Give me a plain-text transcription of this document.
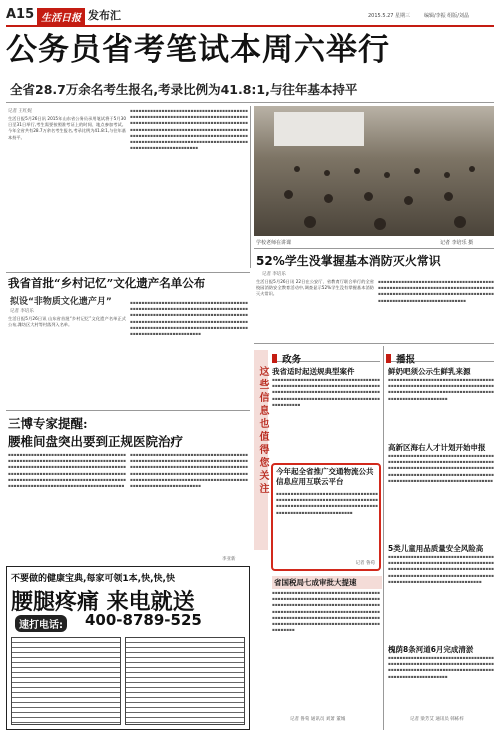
A15 生活日报 发布汇	2015.5.27 星期三	编辑/李振 组版/刘晶
公务员省考笔试本周六举行
全省28.7万余名考生报名,考录比例为41.8:1,与往年基本持平
记者 王红妮
生活日报5月26日讯 2015年山东省公务员录用笔试将于5月30日至31日举行,考生需要按照准考证上的时间、地点参加考试。今年全省共有28.7万余名考生报名,考录比例为41.8:1,与往年基本持平。
▪▪▪▪▪▪▪▪▪▪▪▪▪▪▪▪▪▪▪▪▪▪▪▪▪▪▪▪▪▪▪▪▪▪▪▪▪▪▪▪▪▪▪▪▪▪▪▪▪▪▪▪▪▪▪▪▪▪▪▪▪▪▪▪▪▪▪▪▪▪▪▪▪▪▪▪▪▪▪▪▪▪▪▪▪▪▪▪▪▪▪▪▪▪▪▪▪▪▪▪▪▪▪▪▪▪▪▪▪▪▪▪▪▪▪▪▪▪▪▪▪▪▪▪▪▪▪▪▪▪▪▪▪▪▪▪▪▪▪▪▪▪▪▪▪▪▪▪▪▪▪▪▪▪▪▪▪▪▪▪▪▪▪▪▪▪▪▪▪▪▪▪▪▪▪▪▪▪▪▪▪▪▪▪▪▪▪▪▪▪▪▪▪▪▪▪▪▪▪▪▪▪▪▪▪▪▪▪▪▪▪▪▪▪▪▪▪▪▪▪▪▪▪▪▪▪▪▪▪▪▪▪▪▪▪▪▪▪▪▪▪▪▪▪▪▪▪▪▪▪▪▪▪▪▪▪▪▪▪▪▪▪▪▪▪▪▪▪▪▪
学校老师在讲课	记者 李培乐 摄
52%学生没掌握基本消防灭火常识
记者 李培乐
生活日报5月26日讯 22日在公安厅、省教育厅联合举行的全省校园消防安全教育活动中,调查显示52%学生没有掌握基本消防灭火常识。
▪▪▪▪▪▪▪▪▪▪▪▪▪▪▪▪▪▪▪▪▪▪▪▪▪▪▪▪▪▪▪▪▪▪▪▪▪▪▪▪▪▪▪▪▪▪▪▪▪▪▪▪▪▪▪▪▪▪▪▪▪▪▪▪▪▪▪▪▪▪▪▪▪▪▪▪▪▪▪▪▪▪▪▪▪▪▪▪▪▪▪▪▪▪▪▪▪▪▪▪▪▪▪▪▪▪▪▪▪▪▪▪▪▪▪▪▪▪▪▪▪▪▪▪▪▪▪▪▪▪▪▪▪▪▪▪▪▪▪▪▪▪▪▪▪▪▪▪▪▪▪
我省首批“乡村记忆”文化遗产名单公布
拟设“非物质文化遗产月”
记者 李培乐
生活日报5月26日讯 山东省首批“乡村记忆”文化遗产名单正式公布,潍坊区大村等村落列入名单。
▪▪▪▪▪▪▪▪▪▪▪▪▪▪▪▪▪▪▪▪▪▪▪▪▪▪▪▪▪▪▪▪▪▪▪▪▪▪▪▪▪▪▪▪▪▪▪▪▪▪▪▪▪▪▪▪▪▪▪▪▪▪▪▪▪▪▪▪▪▪▪▪▪▪▪▪▪▪▪▪▪▪▪▪▪▪▪▪▪▪▪▪▪▪▪▪▪▪▪▪▪▪▪▪▪▪▪▪▪▪▪▪▪▪▪▪▪▪▪▪▪▪▪▪▪▪▪▪▪▪▪▪▪▪▪▪▪▪▪▪▪▪▪▪▪▪▪▪▪▪▪▪▪▪▪▪▪▪▪▪▪▪▪▪▪▪▪▪▪▪▪▪▪▪▪▪▪▪▪▪▪▪▪▪▪▪▪▪▪▪▪▪▪▪▪▪▪▪▪▪▪▪▪▪▪▪▪▪▪▪▪▪▪▪▪▪▪▪▪▪▪▪▪▪▪▪▪▪▪▪
三博专家提醒:
腰椎间盘突出要到正规医院治疗
▪▪▪▪▪▪▪▪▪▪▪▪▪▪▪▪▪▪▪▪▪▪▪▪▪▪▪▪▪▪▪▪▪▪▪▪▪▪▪▪▪▪▪▪▪▪▪▪▪▪▪▪▪▪▪▪▪▪▪▪▪▪▪▪▪▪▪▪▪▪▪▪▪▪▪▪▪▪▪▪▪▪▪▪▪▪▪▪▪▪▪▪▪▪▪▪▪▪▪▪▪▪▪▪▪▪▪▪▪▪▪▪▪▪▪▪▪▪▪▪▪▪▪▪▪▪▪▪▪▪▪▪▪▪▪▪▪▪▪▪▪▪▪▪▪▪▪▪▪▪▪▪▪▪▪▪▪▪▪▪▪▪▪▪▪▪▪▪▪▪▪▪▪▪▪▪▪▪▪▪▪▪▪▪▪▪▪▪▪▪▪▪▪▪▪▪▪▪▪▪▪▪▪▪▪▪▪▪▪▪▪▪▪▪▪▪▪▪▪▪▪▪▪▪▪▪▪▪▪▪▪▪▪▪▪▪▪▪▪▪▪▪▪▪▪▪
▪▪▪▪▪▪▪▪▪▪▪▪▪▪▪▪▪▪▪▪▪▪▪▪▪▪▪▪▪▪▪▪▪▪▪▪▪▪▪▪▪▪▪▪▪▪▪▪▪▪▪▪▪▪▪▪▪▪▪▪▪▪▪▪▪▪▪▪▪▪▪▪▪▪▪▪▪▪▪▪▪▪▪▪▪▪▪▪▪▪▪▪▪▪▪▪▪▪▪▪▪▪▪▪▪▪▪▪▪▪▪▪▪▪▪▪▪▪▪▪▪▪▪▪▪▪▪▪▪▪▪▪▪▪▪▪▪▪▪▪▪▪▪▪▪▪▪▪▪▪▪▪▪▪▪▪▪▪▪▪▪▪▪▪▪▪▪▪▪▪▪▪▪▪▪▪▪▪▪▪▪▪▪▪▪▪▪▪▪▪▪▪▪▪▪▪▪▪▪▪▪▪▪▪▪▪▪▪▪▪▪▪▪▪▪▪▪▪▪▪▪▪▪▪▪▪▪▪▪▪
李亚新
不要做的健康宝典,每家可领1本,快,快,快
腰腿疼痛 来电就送
速打电话: 400-8789-525
这些信息也值得您关注
政务
我省适时起送规典型案件
▪▪▪▪▪▪▪▪▪▪▪▪▪▪▪▪▪▪▪▪▪▪▪▪▪▪▪▪▪▪▪▪▪▪▪▪▪▪▪▪▪▪▪▪▪▪▪▪▪▪▪▪▪▪▪▪▪▪▪▪▪▪▪▪▪▪▪▪▪▪▪▪▪▪▪▪▪▪▪▪▪▪▪▪▪▪▪▪▪▪▪▪▪▪▪▪▪▪▪▪▪▪▪▪▪▪▪▪▪▪▪▪▪▪▪▪▪▪▪▪▪▪▪▪▪▪▪▪▪▪▪▪▪▪▪▪▪▪▪▪▪▪▪▪▪▪▪▪▪▪▪▪▪▪▪▪▪▪▪▪▪▪
今年起全省推广交通物流公共信息应用互联云平台
▪▪▪▪▪▪▪▪▪▪▪▪▪▪▪▪▪▪▪▪▪▪▪▪▪▪▪▪▪▪▪▪▪▪▪▪▪▪▪▪▪▪▪▪▪▪▪▪▪▪▪▪▪▪▪▪▪▪▪▪▪▪▪▪▪▪▪▪▪▪▪▪▪▪▪▪▪▪▪▪▪▪▪▪▪▪▪▪▪▪▪▪▪▪▪▪▪▪▪▪▪▪▪▪▪▪▪▪▪▪▪▪▪▪▪▪▪▪▪▪▪▪▪▪▪▪▪▪▪▪▪▪
记者 鲁荀
省国税局七成审批大提速
▪▪▪▪▪▪▪▪▪▪▪▪▪▪▪▪▪▪▪▪▪▪▪▪▪▪▪▪▪▪▪▪▪▪▪▪▪▪▪▪▪▪▪▪▪▪▪▪▪▪▪▪▪▪▪▪▪▪▪▪▪▪▪▪▪▪▪▪▪▪▪▪▪▪▪▪▪▪▪▪▪▪▪▪▪▪▪▪▪▪▪▪▪▪▪▪▪▪▪▪▪▪▪▪▪▪▪▪▪▪▪▪▪▪▪▪▪▪▪▪▪▪▪▪▪▪▪▪▪▪▪▪▪▪▪▪▪▪▪▪▪▪▪▪▪▪▪▪▪▪▪▪▪▪▪▪▪▪▪▪▪▪▪▪▪▪▪▪▪▪▪▪▪▪▪▪▪▪▪▪▪▪▪▪▪▪▪▪▪▪▪▪▪▪▪▪▪▪▪▪▪▪▪▪▪▪▪▪▪▪▪▪▪▪▪▪▪▪▪▪▪▪▪▪▪▪▪▪▪▪▪▪▪▪▪▪
记者 鲁荀 通讯员 刘萧 董城
播报
鲜奶吧须公示生鲜乳来源
▪▪▪▪▪▪▪▪▪▪▪▪▪▪▪▪▪▪▪▪▪▪▪▪▪▪▪▪▪▪▪▪▪▪▪▪▪▪▪▪▪▪▪▪▪▪▪▪▪▪▪▪▪▪▪▪▪▪▪▪▪▪▪▪▪▪▪▪▪▪▪▪▪▪▪▪▪▪▪▪▪▪▪▪▪▪▪▪▪▪▪▪▪▪▪▪▪▪▪▪▪▪▪▪▪▪▪▪▪▪▪▪▪▪▪▪▪▪▪▪▪▪▪▪▪▪▪▪▪▪▪▪
高新区海右人才计划开始申报
▪▪▪▪▪▪▪▪▪▪▪▪▪▪▪▪▪▪▪▪▪▪▪▪▪▪▪▪▪▪▪▪▪▪▪▪▪▪▪▪▪▪▪▪▪▪▪▪▪▪▪▪▪▪▪▪▪▪▪▪▪▪▪▪▪▪▪▪▪▪▪▪▪▪▪▪▪▪▪▪▪▪▪▪▪▪▪▪▪▪▪▪▪▪▪▪▪▪▪▪▪▪▪▪▪▪▪▪▪▪▪▪▪▪▪▪▪▪▪▪▪▪▪▪▪▪▪▪▪▪▪▪▪▪▪▪▪▪▪▪▪▪▪▪▪▪▪▪▪▪▪▪▪▪▪▪▪▪▪▪▪▪▪▪▪▪▪▪▪▪▪▪▪▪▪▪▪▪▪▪▪▪▪▪▪
5类儿童用品质量安全风险高
▪▪▪▪▪▪▪▪▪▪▪▪▪▪▪▪▪▪▪▪▪▪▪▪▪▪▪▪▪▪▪▪▪▪▪▪▪▪▪▪▪▪▪▪▪▪▪▪▪▪▪▪▪▪▪▪▪▪▪▪▪▪▪▪▪▪▪▪▪▪▪▪▪▪▪▪▪▪▪▪▪▪▪▪▪▪▪▪▪▪▪▪▪▪▪▪▪▪▪▪▪▪▪▪▪▪▪▪▪▪▪▪▪▪▪▪▪▪▪▪▪▪▪▪▪▪▪▪▪▪▪▪▪▪▪▪▪▪▪▪▪▪▪▪▪▪▪▪▪▪▪▪▪▪▪▪▪▪▪▪▪▪▪▪▪▪▪▪▪▪▪▪▪▪▪▪▪▪▪▪▪
槐荫8条河道6月完成清淤
▪▪▪▪▪▪▪▪▪▪▪▪▪▪▪▪▪▪▪▪▪▪▪▪▪▪▪▪▪▪▪▪▪▪▪▪▪▪▪▪▪▪▪▪▪▪▪▪▪▪▪▪▪▪▪▪▪▪▪▪▪▪▪▪▪▪▪▪▪▪▪▪▪▪▪▪▪▪▪▪▪▪▪▪▪▪▪▪▪▪▪▪▪▪▪▪▪▪▪▪▪▪▪▪▪▪▪▪▪▪▪▪▪▪▪▪▪▪▪▪▪▪▪▪▪▪▪▪▪▪▪▪
记者 梁芳艾 通讯员 韩栋梓
